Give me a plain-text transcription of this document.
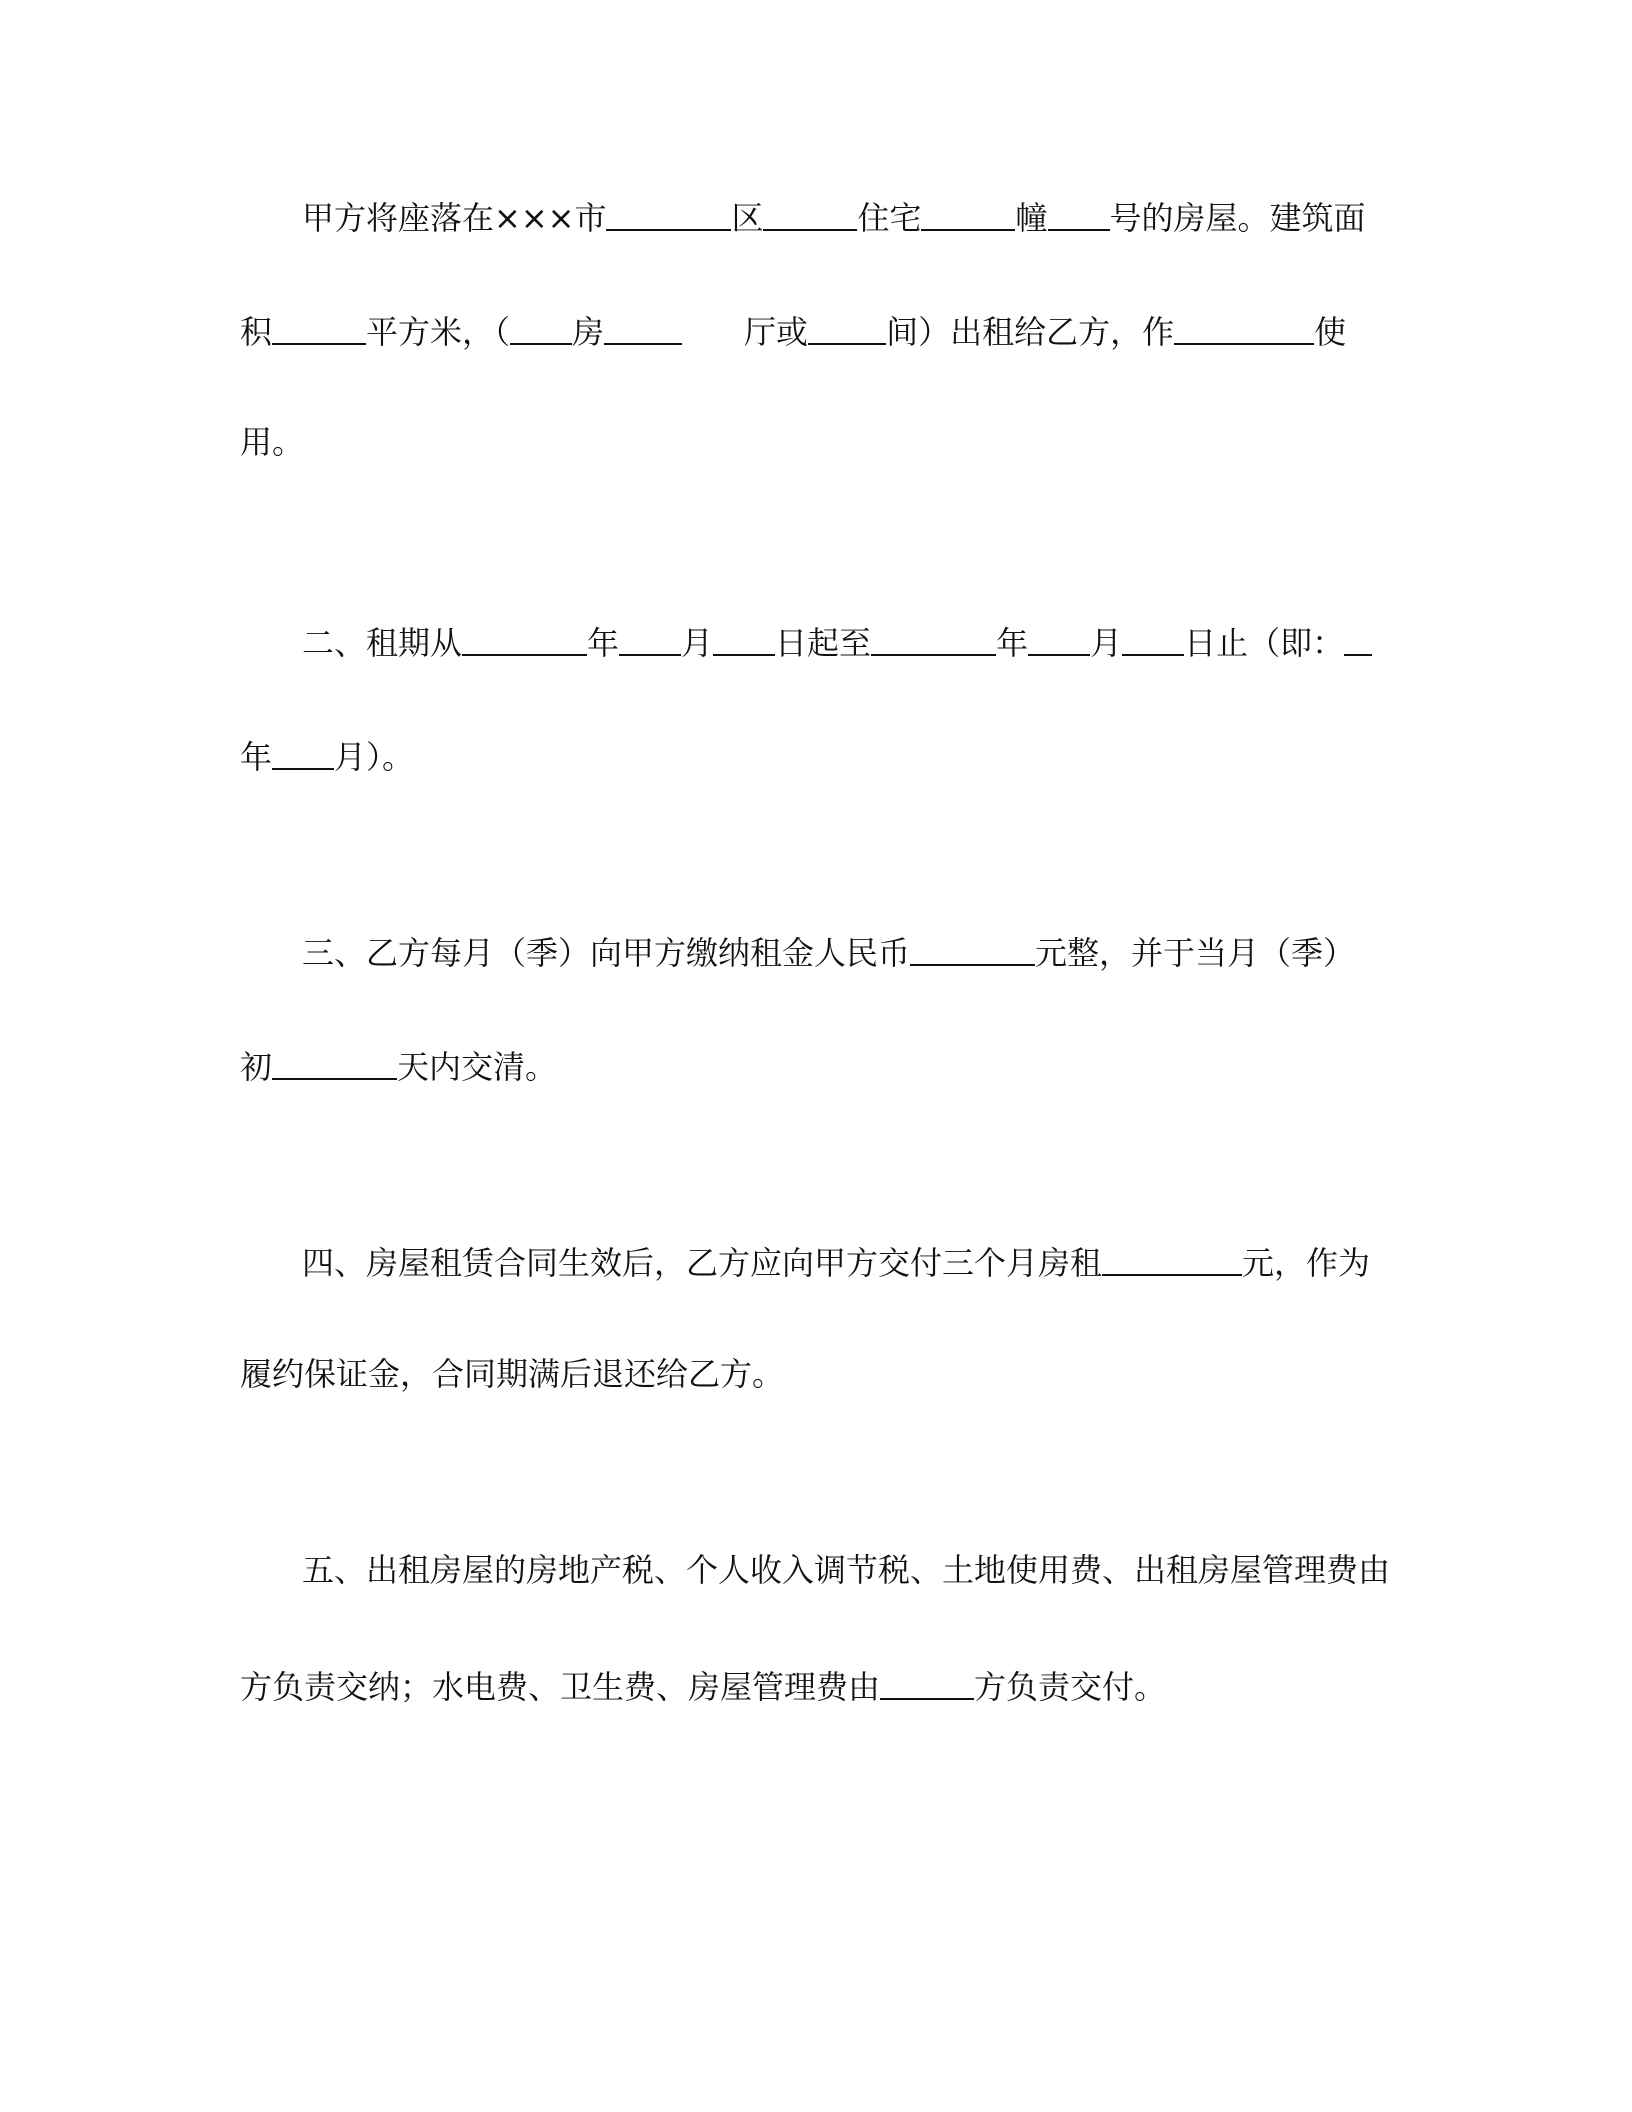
甲方将座落在×××市	区	住宅	幢 号的房屋。建筑面
积	平方米，（ 房	厅或 间）出租给乙方，作	使
用。
二、租期从	年 月 日起至	年 月 日止（即：
年 月）。
三、乙方每月（季）向甲方缴纳租金人民币	元整，并于当月（季）
初	天内交清。
四、房屋租赁合同生效后，乙方应向甲方交付三个月房租	元，作为
履约保证金，合同期满后退还给乙方。
五、出租房屋的房地产税、个人收入调节税、土地使用费、出租房屋管理费由
方负责交纳；水电费、卫生费、房屋管理费由	方负责交付。
